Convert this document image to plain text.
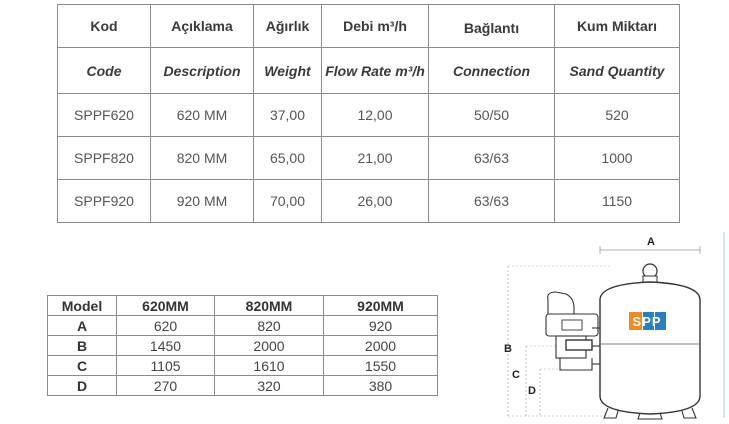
Kod	Açıklama	Ağırlık	Debi m³/h	Bağlantı	Kum Miktarı
Code	Description	Weight	Flow Rate m³/h	Connection	Sand Quantity
SPPF620	620 MM	37,00	12,00	50/50	520
SPPF820	820 MM	65,00	21,00	63/63	1000
SPPF920	920 MM	70,00	26,00	63/63	1150
Model	620MM	820MM	920MM
A	620	820	920
B	1450	2000	2000
C	1105	1610	1550
D	270	320	380
A
B
C
D
SPP
